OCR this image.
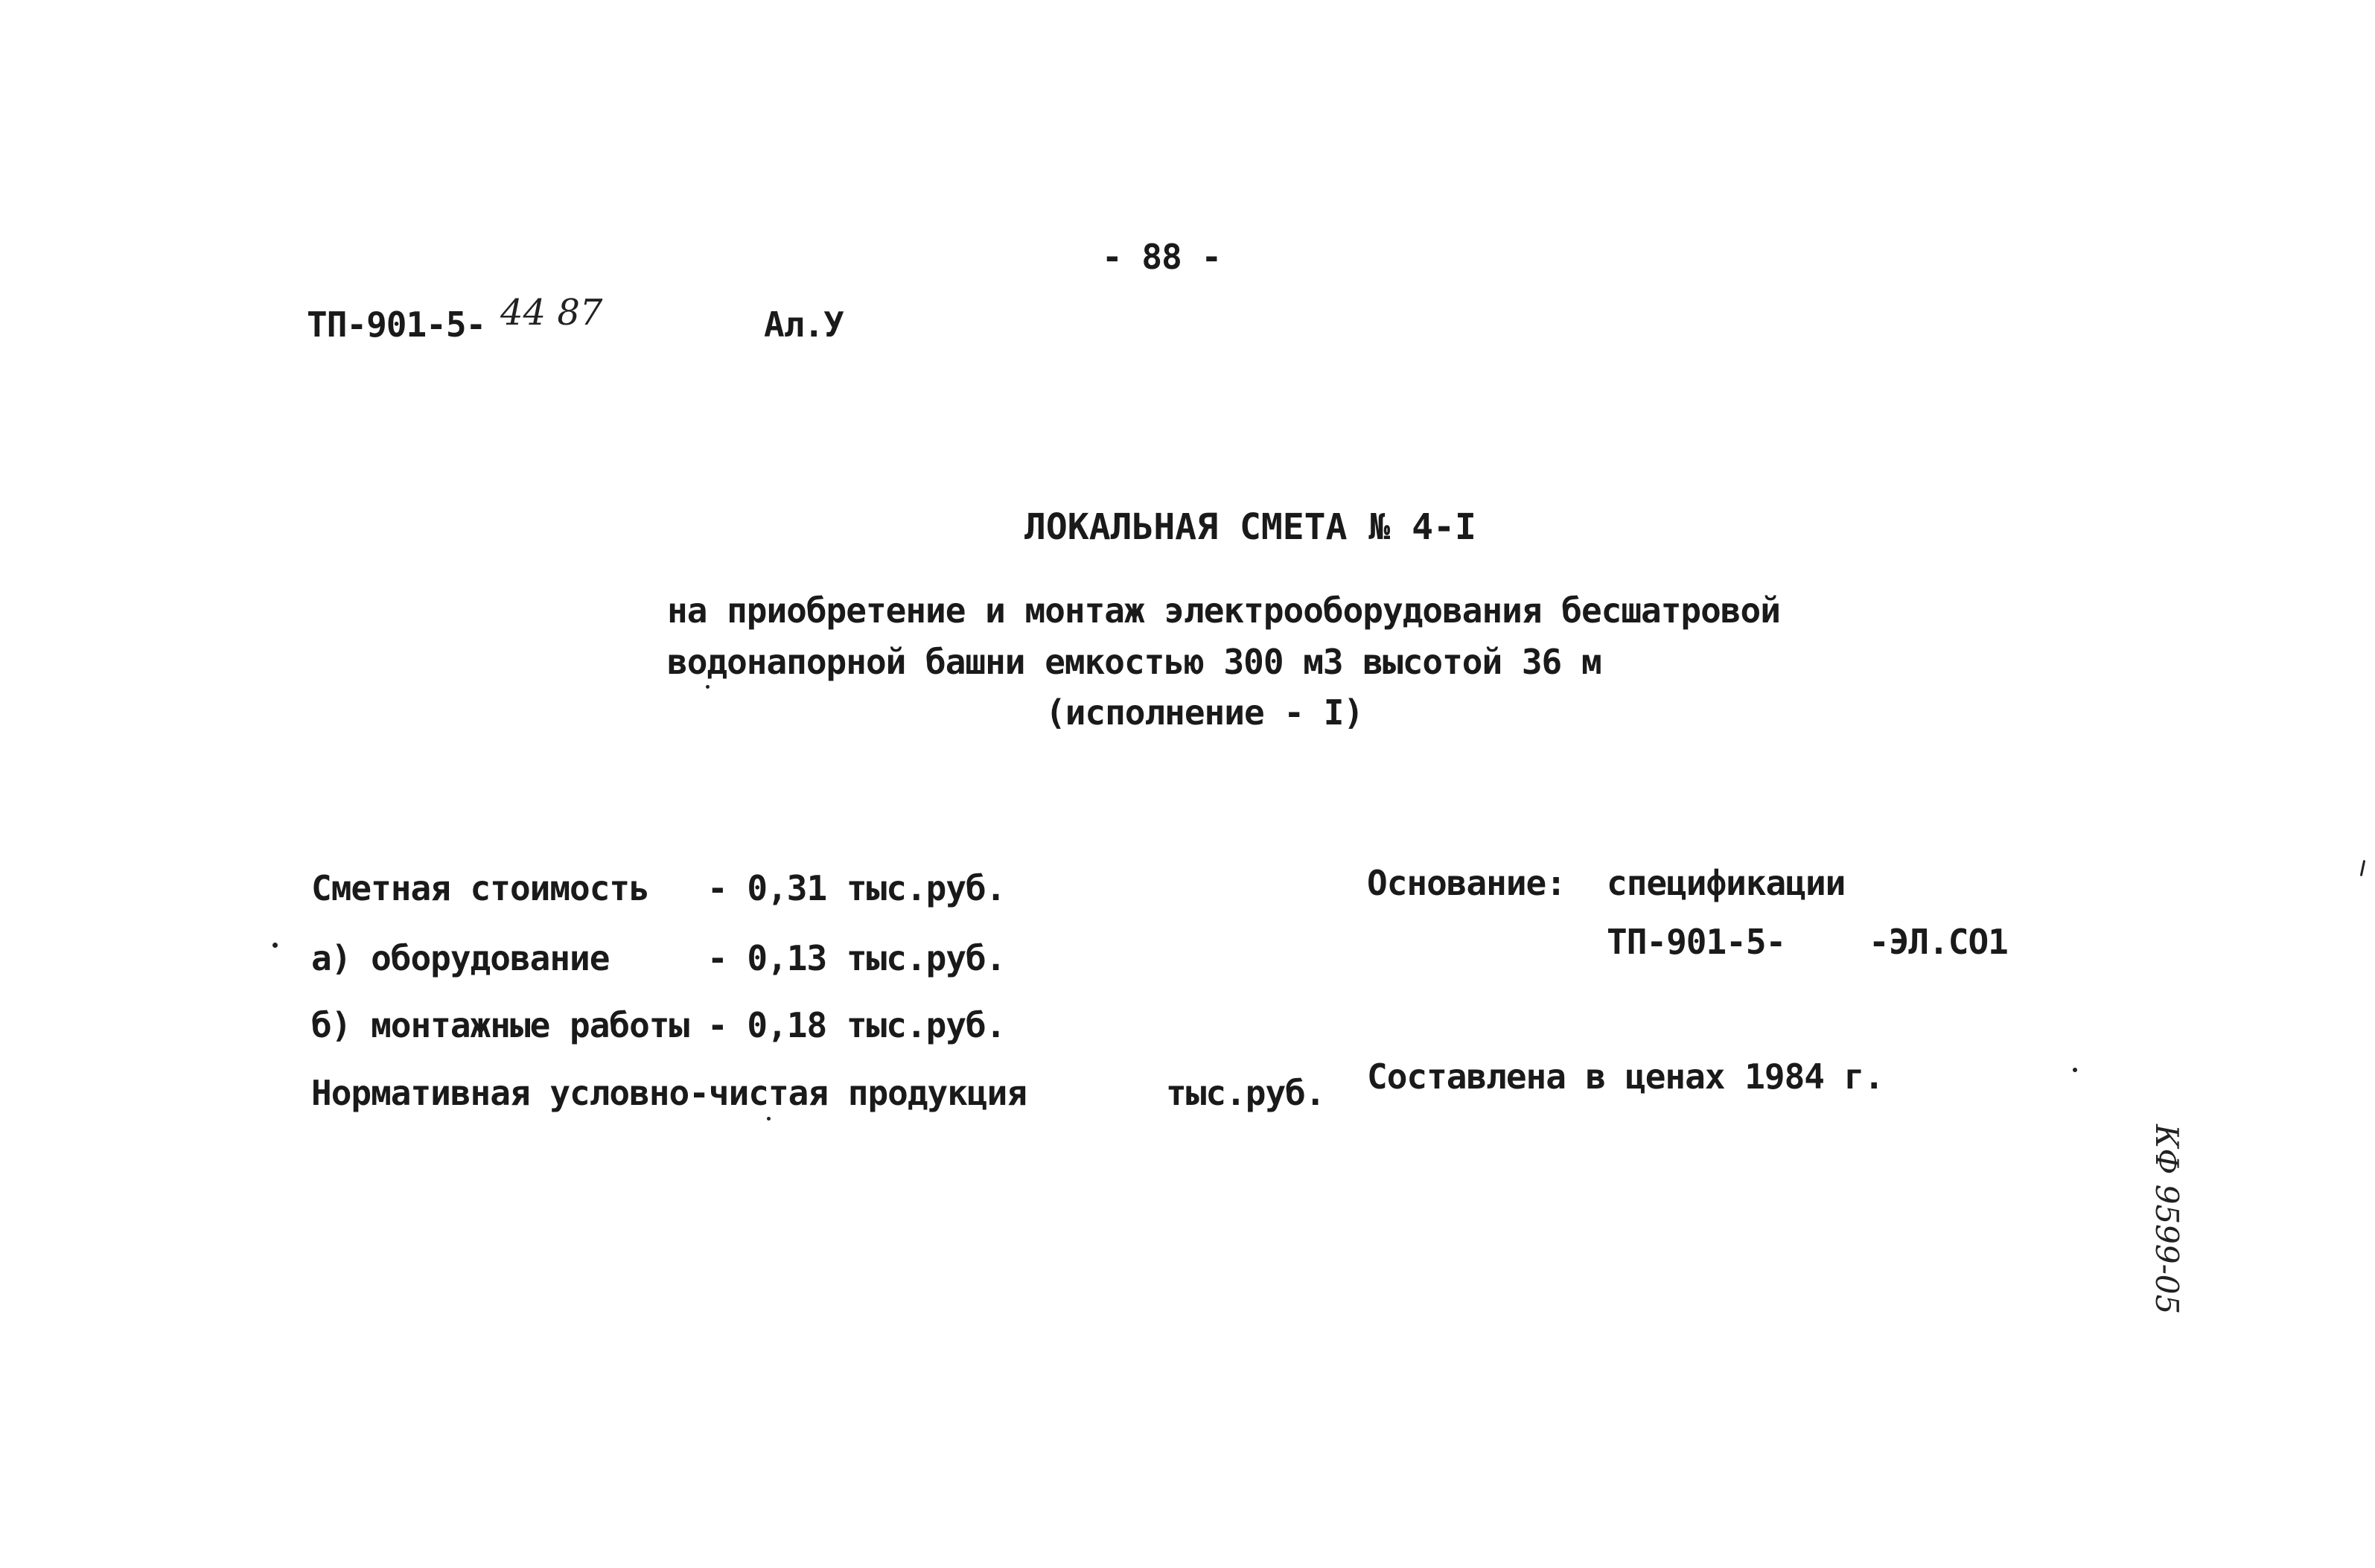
- 88 -
ТП-901-5- 44 87	Ал.У
ЛОКАЛЬНАЯ СМЕТА № 4-I
на приобретение и монтаж электрооборудования бесшатровой
водонапорной башни емкостью 300 м3 высотой 36 м
(исполнение - I)
Сметная стоимость - 0,31 тыс.руб.
а) оборудование	- 0,13 тыс.руб.
б) монтажные работы - 0,18 тыс.руб.
Нормативная условно-чистая продукция	тыс.руб.
Основание: спецификации
ТП-901-5- -ЭЛ.СО1
Составлена в ценах 1984 г.
КФ 9599-05
